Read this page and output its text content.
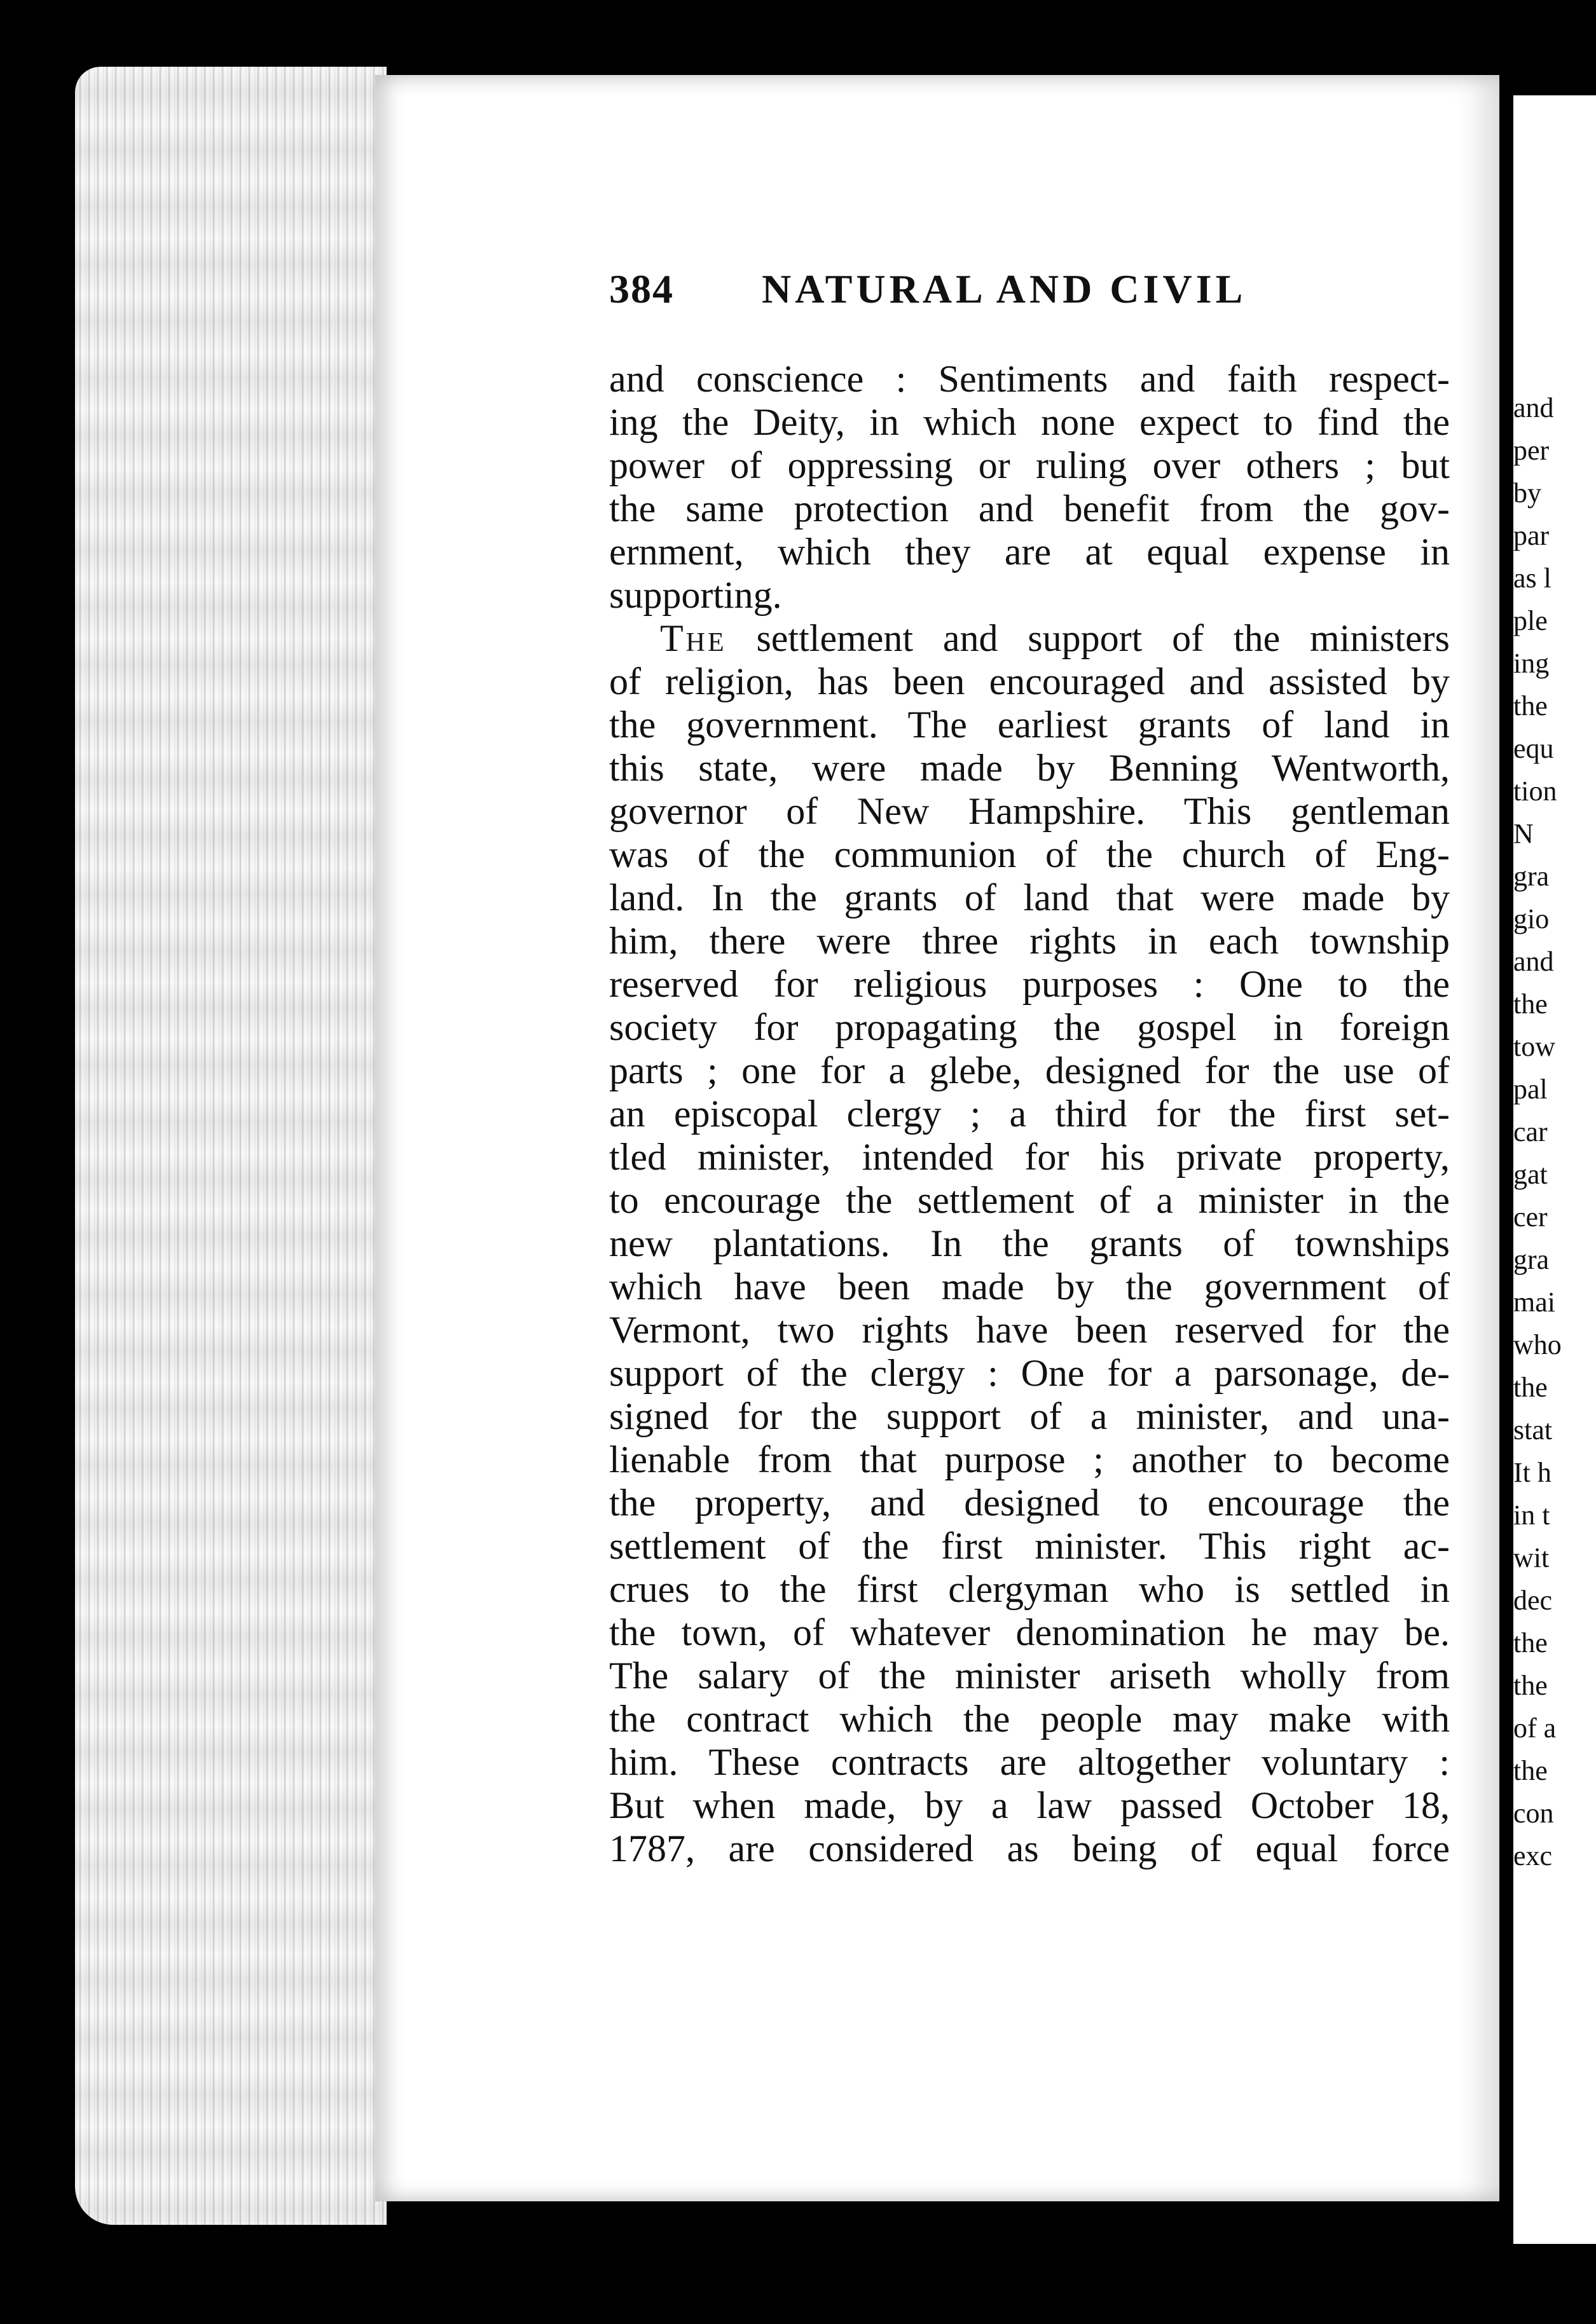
384 NATURAL AND CIVIL
and conscience : Sentiments and faith respect-
ing the Deity, in which none expect to find the
power of oppressing or ruling over others ; but
the same protection and benefit from the gov-
ernment, which they are at equal expense in
supporting.
The settlement and support of the ministers
of religion, has been encouraged and assisted by
the government. The earliest grants of land in
this state, were made by Benning Wentworth,
governor of New Hampshire. This gentleman
was of the communion of the church of Eng-
land. In the grants of land that were made by
him, there were three rights in each township
reserved for religious purposes : One to the
society for propagating the gospel in foreign
parts ; one for a glebe, designed for the use of
an episcopal clergy ; a third for the first set-
tled minister, intended for his private property,
to encourage the settlement of a minister in the
new plantations. In the grants of townships
which have been made by the government of
Vermont, two rights have been reserved for the
support of the clergy : One for a parsonage, de-
signed for the support of a minister, and una-
lienable from that purpose ; another to become
the property, and designed to encourage the
settlement of the first minister. This right ac-
crues to the first clergyman who is settled in
the town, of whatever denomination he may be.
The salary of the minister ariseth wholly from
the contract which the people may make with
him. These contracts are altogether voluntary :
But when made, by a law passed October 18,
1787, are considered as being of equal force
and
per
by
par
as l
ple
ing
the
equ
tion
N
gra
gio
and
the
tow
pal
car
gat
cer
gra
mai
who
the
stat
It h
in t
wit
dec
the
the
of a
the
con
exc
